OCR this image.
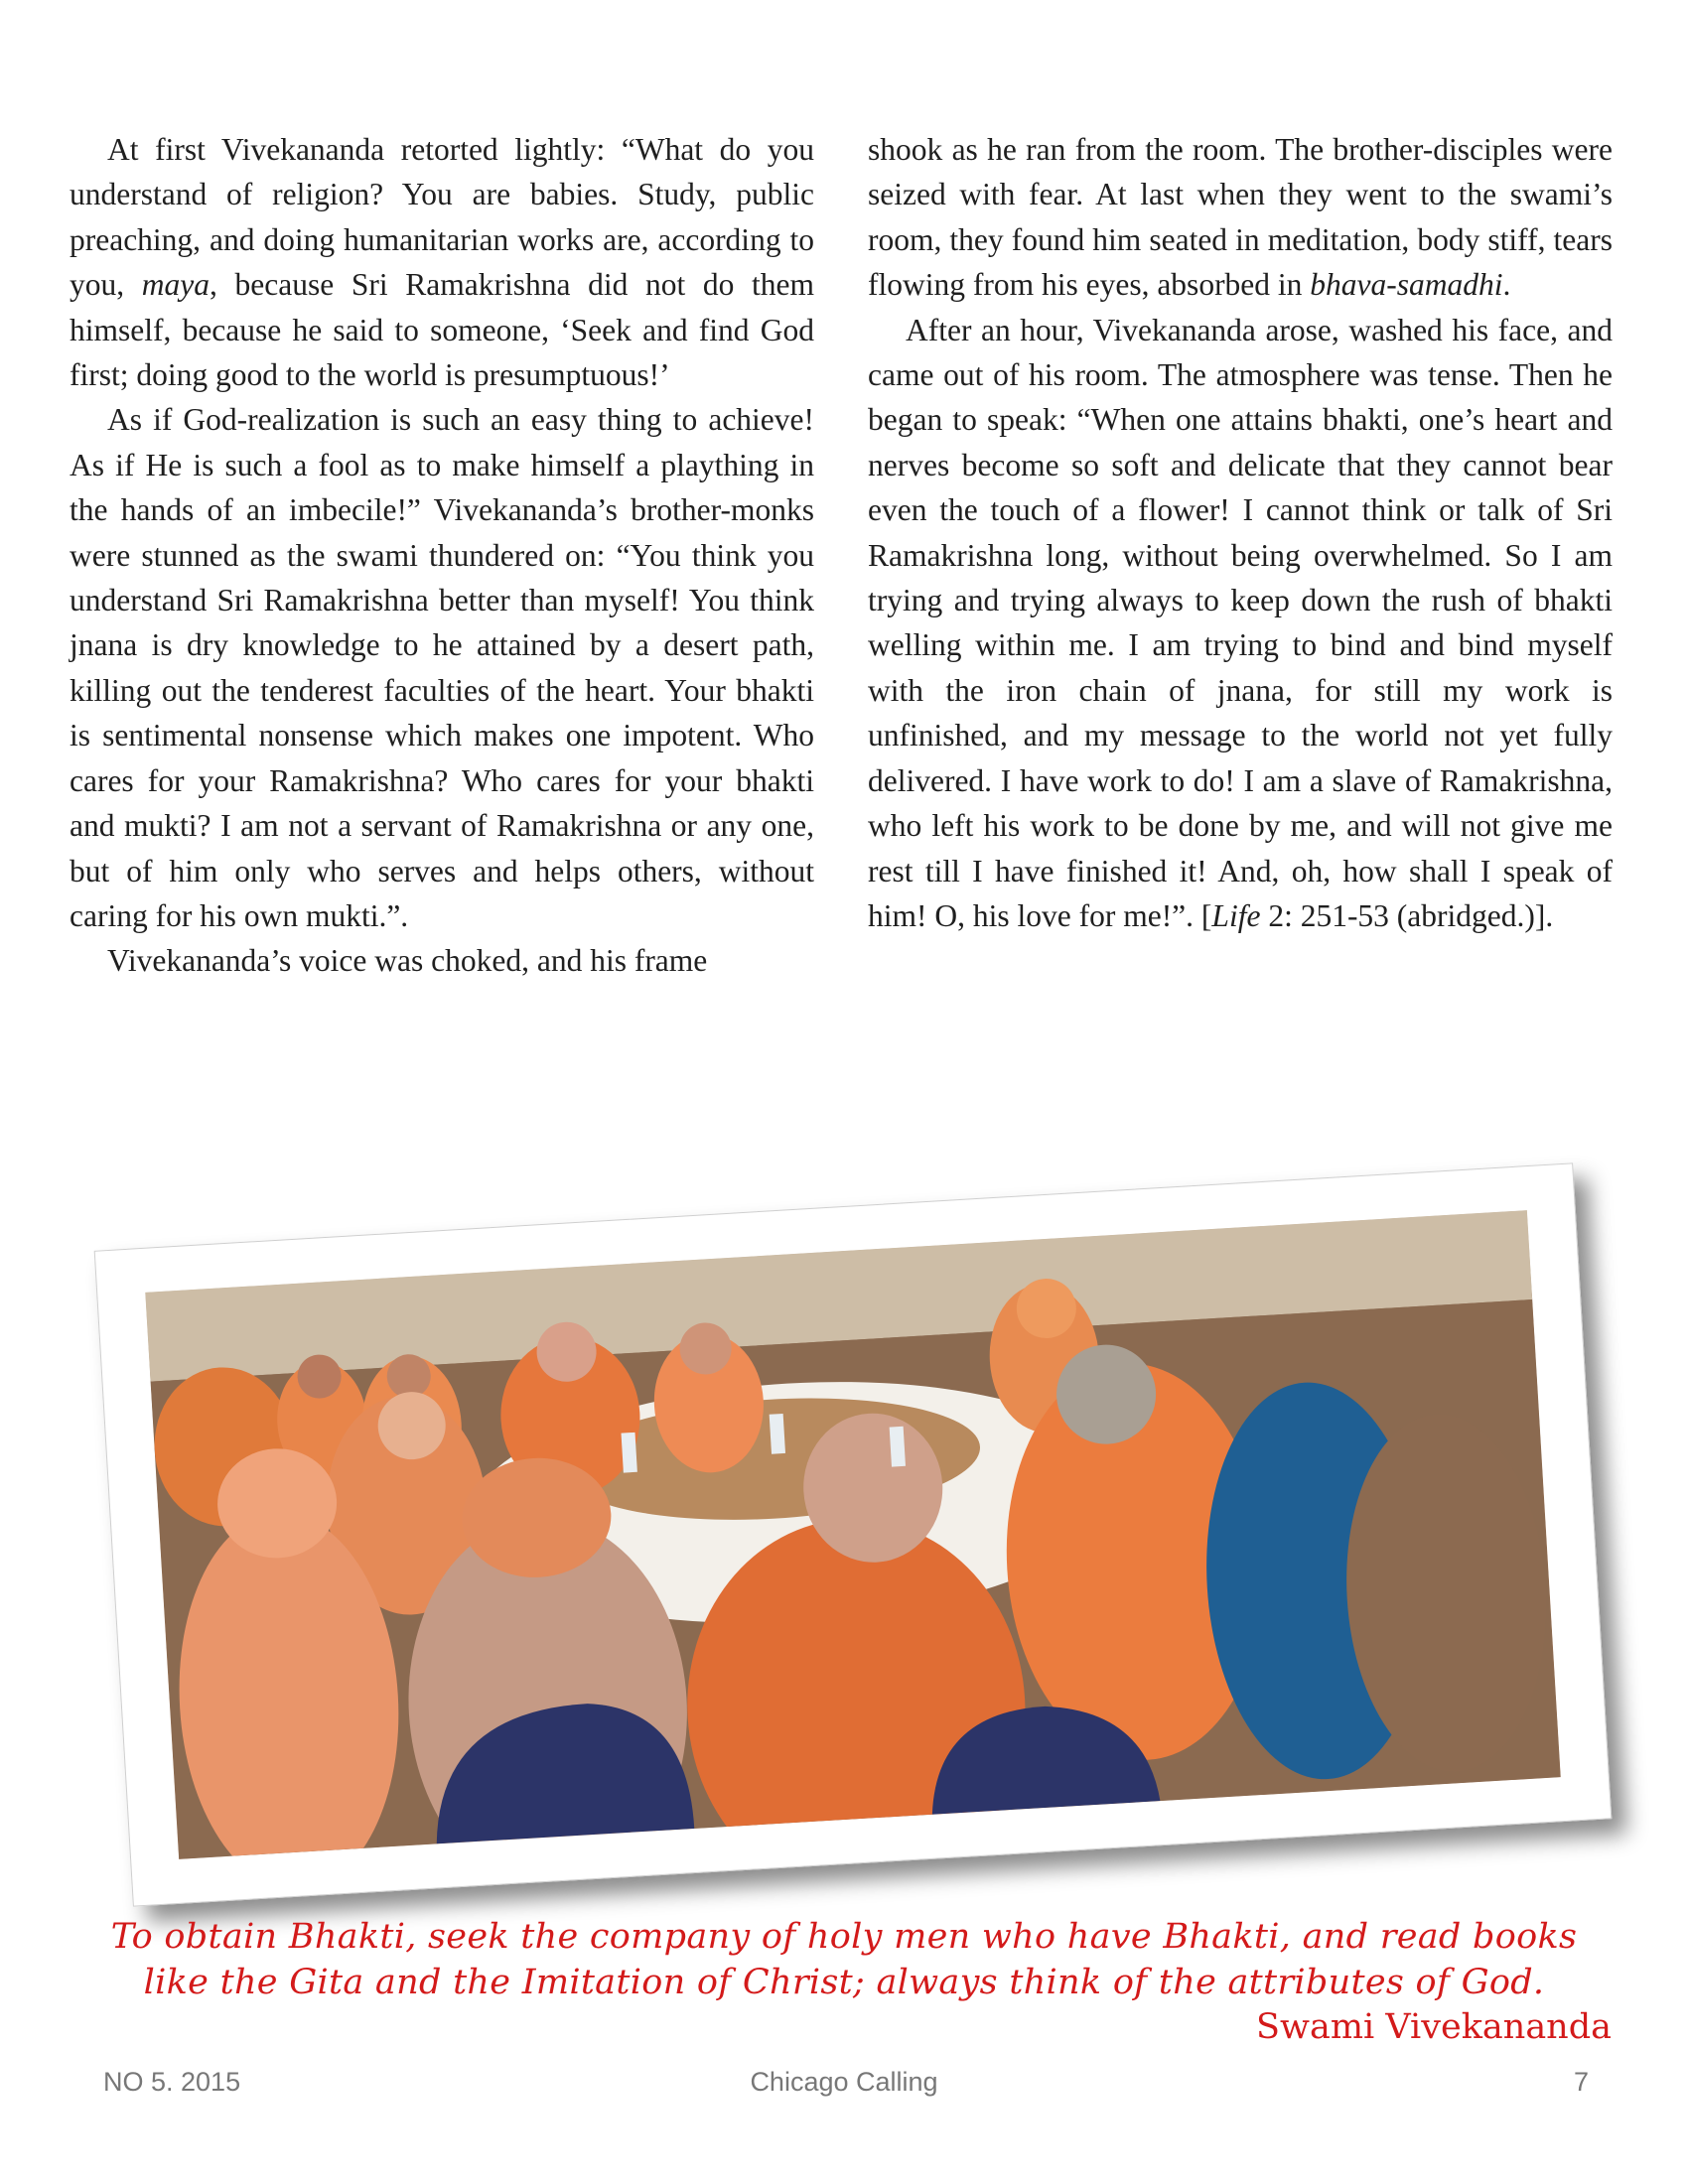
At first Vivekananda retorted lightly: “What do you understand of religion? You are babies. Study, public preaching, and doing humanitarian works are, according to you, maya, because Sri Ramakrishna did not do them himself, because he said to someone, ‘Seek and find God first; doing good to the world is presumptuous!’

As if God-realization is such an easy thing to achieve! As if He is such a fool as to make himself a plaything in the hands of an imbecile!” Vivekananda’s brother-monks were stunned as the swami thundered on: “You think you understand Sri Ramakrishna better than myself! You think jnana is dry knowledge to he attained by a desert path, killing out the tenderest faculties of the heart. Your bhakti is sentimental nonsense which makes one impotent. Who cares for your Ramakrishna? Who cares for your bhakti and mukti? I am not a servant of Ramakrishna or any one, but of him only who serves and helps others, without caring for his own mukti.”.

Vivekananda’s voice was choked, and his frame

shook as he ran from the room. The brother-disciples were seized with fear. At last when they went to the swami’s room, they found him seated in meditation, body stiff, tears flowing from his eyes, absorbed in bhava-samadhi.

After an hour, Vivekananda arose, washed his face, and came out of his room. The atmosphere was tense. Then he began to speak: “When one attains bhakti, one’s heart and nerves become so soft and delicate that they cannot bear even the touch of a flower! I cannot think or talk of Sri Ramakrishna long, without being overwhelmed. So I am trying and trying always to keep down the rush of bhakti welling within me. I am trying to bind and bind myself with the iron chain of jnana, for still my work is unfinished, and my message to the world not yet fully delivered. I have work to do! I am a slave of Ramakrishna, who left his work to be done by me, and will not give me rest till I have finished it! And, oh, how shall I speak of him! O, his love for me!”. [Life 2: 251-53 (abridged.)].

To obtain Bhakti, seek the company of holy men who have Bhakti, and read books
like the Gita and the Imitation of Christ; always think of the attributes of God.
Swami Vivekananda
NO 5. 2015	Chicago Calling	7
